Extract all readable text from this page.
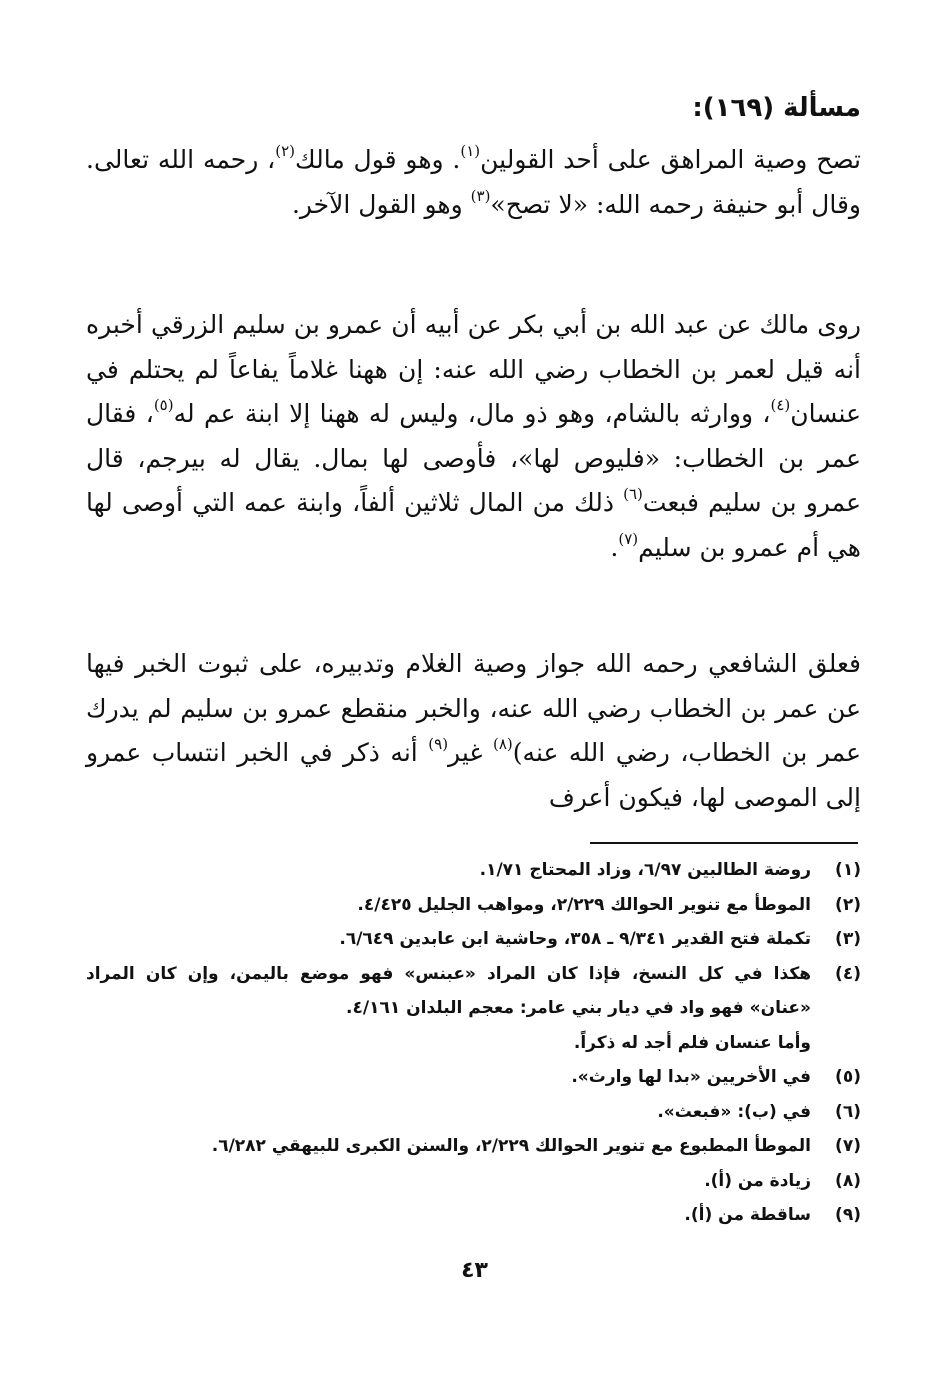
مسألة (١٦٩):
تصح وصية المراهق على أحد القولين$^{(١)}$. وهو قول مالك$^{(٢)}$، رحمه الله تعالى. وقال أبو حنيفة رحمه الله: «لا تصح»$^{(٣)}$ وهو القول الآخر.
روى مالك عن عبد الله بن أبي بكر عن أبيه أن عمرو بن سليم الزرقي أخبره أنه قيل لعمر بن الخطاب رضي الله عنه: إن ههنا غلاماً يفاعاً لم يحتلم في عنسان$^{(٤)}$، ووارثه بالشام، وهو ذو مال، وليس له ههنا إلا ابنة عم له$^{(٥)}$، فقال عمر بن الخطاب: «فليوص لها»، فأوصى لها بمال. يقال له بيرجم، قال عمرو بن سليم فبعت$^{(٦)}$ ذلك من المال ثلاثين ألفاً، وابنة عمه التي أوصى لها هي أم عمرو بن سليم$^{(٧)}$.
فعلق الشافعي رحمه الله جواز وصية الغلام وتدبيره، على ثبوت الخبر فيها عن عمر بن الخطاب رضي الله عنه، والخبر منقطع عمرو بن سليم لم يدرك عمر بن الخطاب، رضي الله عنه)$^{(٨)}$ غير$^{(٩)}$ أنه ذكر في الخبر انتساب عمرو إلى الموصى لها، فيكون أعرف
(١)
روضة الطالبين ٦/٩٧، وزاد المحتاج ١/٧١.
(٢)
الموطأ مع تنوير الحوالك ٢/٢٢٩، ومواهب الجليل ٤/٤٢٥.
(٣)
تكملة فتح القدير ٩/٣٤١ ـ ٣٥٨، وحاشية ابن عابدين ٦/٦٤٩.
(٤)
هكذا في كل النسخ، فإذا كان المراد «عبنس» فهو موضع باليمن، وإن كان المراد «عنان» فهو واد في ديار بني عامر: معجم البلدان ٤/١٦١.
وأما عنسان فلم أجد له ذكراً.
(٥)
في الأخريين «بدا لها وارث».
(٦)
في (ب): «فبعث».
(٧)
الموطأ المطبوع مع تنوير الحوالك ٢/٢٢٩، والسنن الكبرى للبيهقي ٦/٢٨٢.
(٨)
زيادة من (أ).
(٩)
ساقطة من (أ).
٤٣
